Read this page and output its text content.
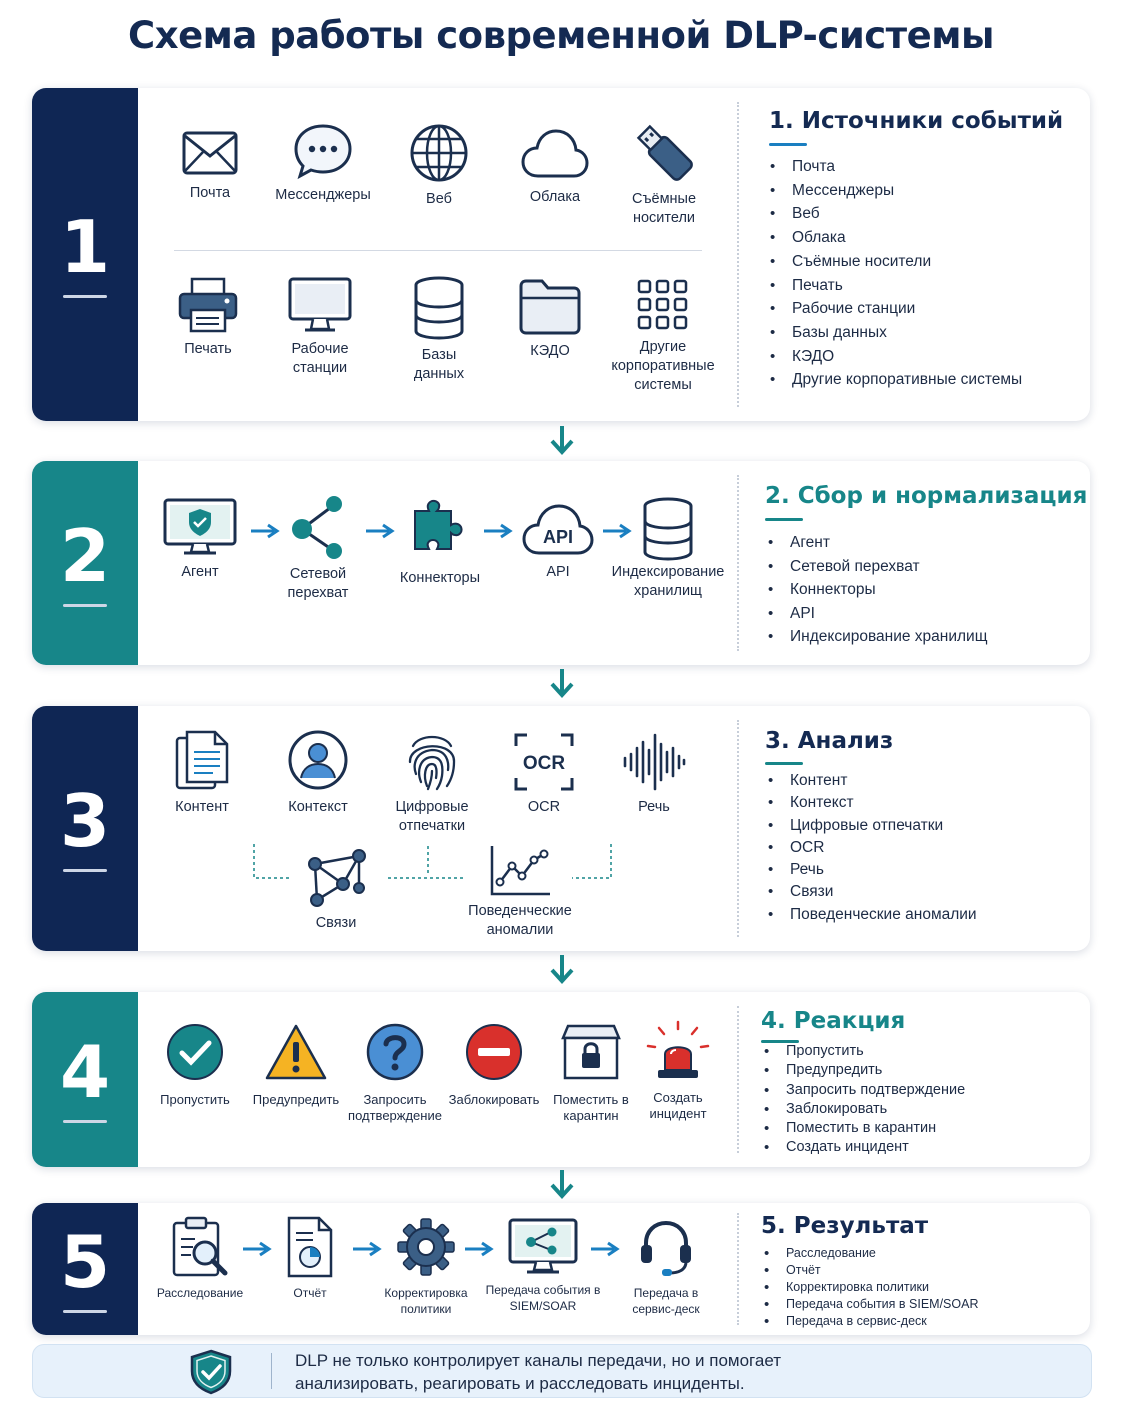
Схема работы современной DLP-системы
1
Почта	Мессенджеры	Веб	Облака	Съёмные носители
Печать	Рабочие станции
Базы данных
КЭДО	Другие корпоративные системы
1. Источники событий
• Почта
• Мессенджеры
• Веб
• Облака
• Съёмные носители
• Печать
• Рабочие станции
• Базы данных
• КЭДО
• Другие корпоративные системы
2	Агент	Сетевой перехват
Коннекторы
API
API	Индексирование хранилищ
2. Сбор и нормализация
• Агент
• Сетевой перехват
• Коннекторы
• API
• Индексирование хранилищ
3	Контент	Контекст	Цифровые отпечатки
OCR
OCR	Речь
Связи
Поведенческие аномалии
3. Анализ
• Контент
• Контекст
• Цифровые отпечатки
• OCR
• Речь
• Связи
• Поведенческие аномалии
4	Пропустить	Предупредить	Запросить подтверждение
Заблокировать	Поместить в карантин
Создать инцидент
4. Реакция
• Пропустить
• Предупредить
• Запросить подтверждение
• Заблокировать
• Поместить в карантин
• Создать инцидент
5	Расследование	Отчёт	Корректировка политики
Передача события в SIEM/SOAR
Передача в сервис-деск
5. Результат
• Расследование
• Отчёт
• Корректировка политики
• Передача события в SIEM/SOAR
• Передача в сервис-деск
DLP не только контролирует каналы передачи, но и помогает
анализировать, реагировать и расследовать инциденты.
